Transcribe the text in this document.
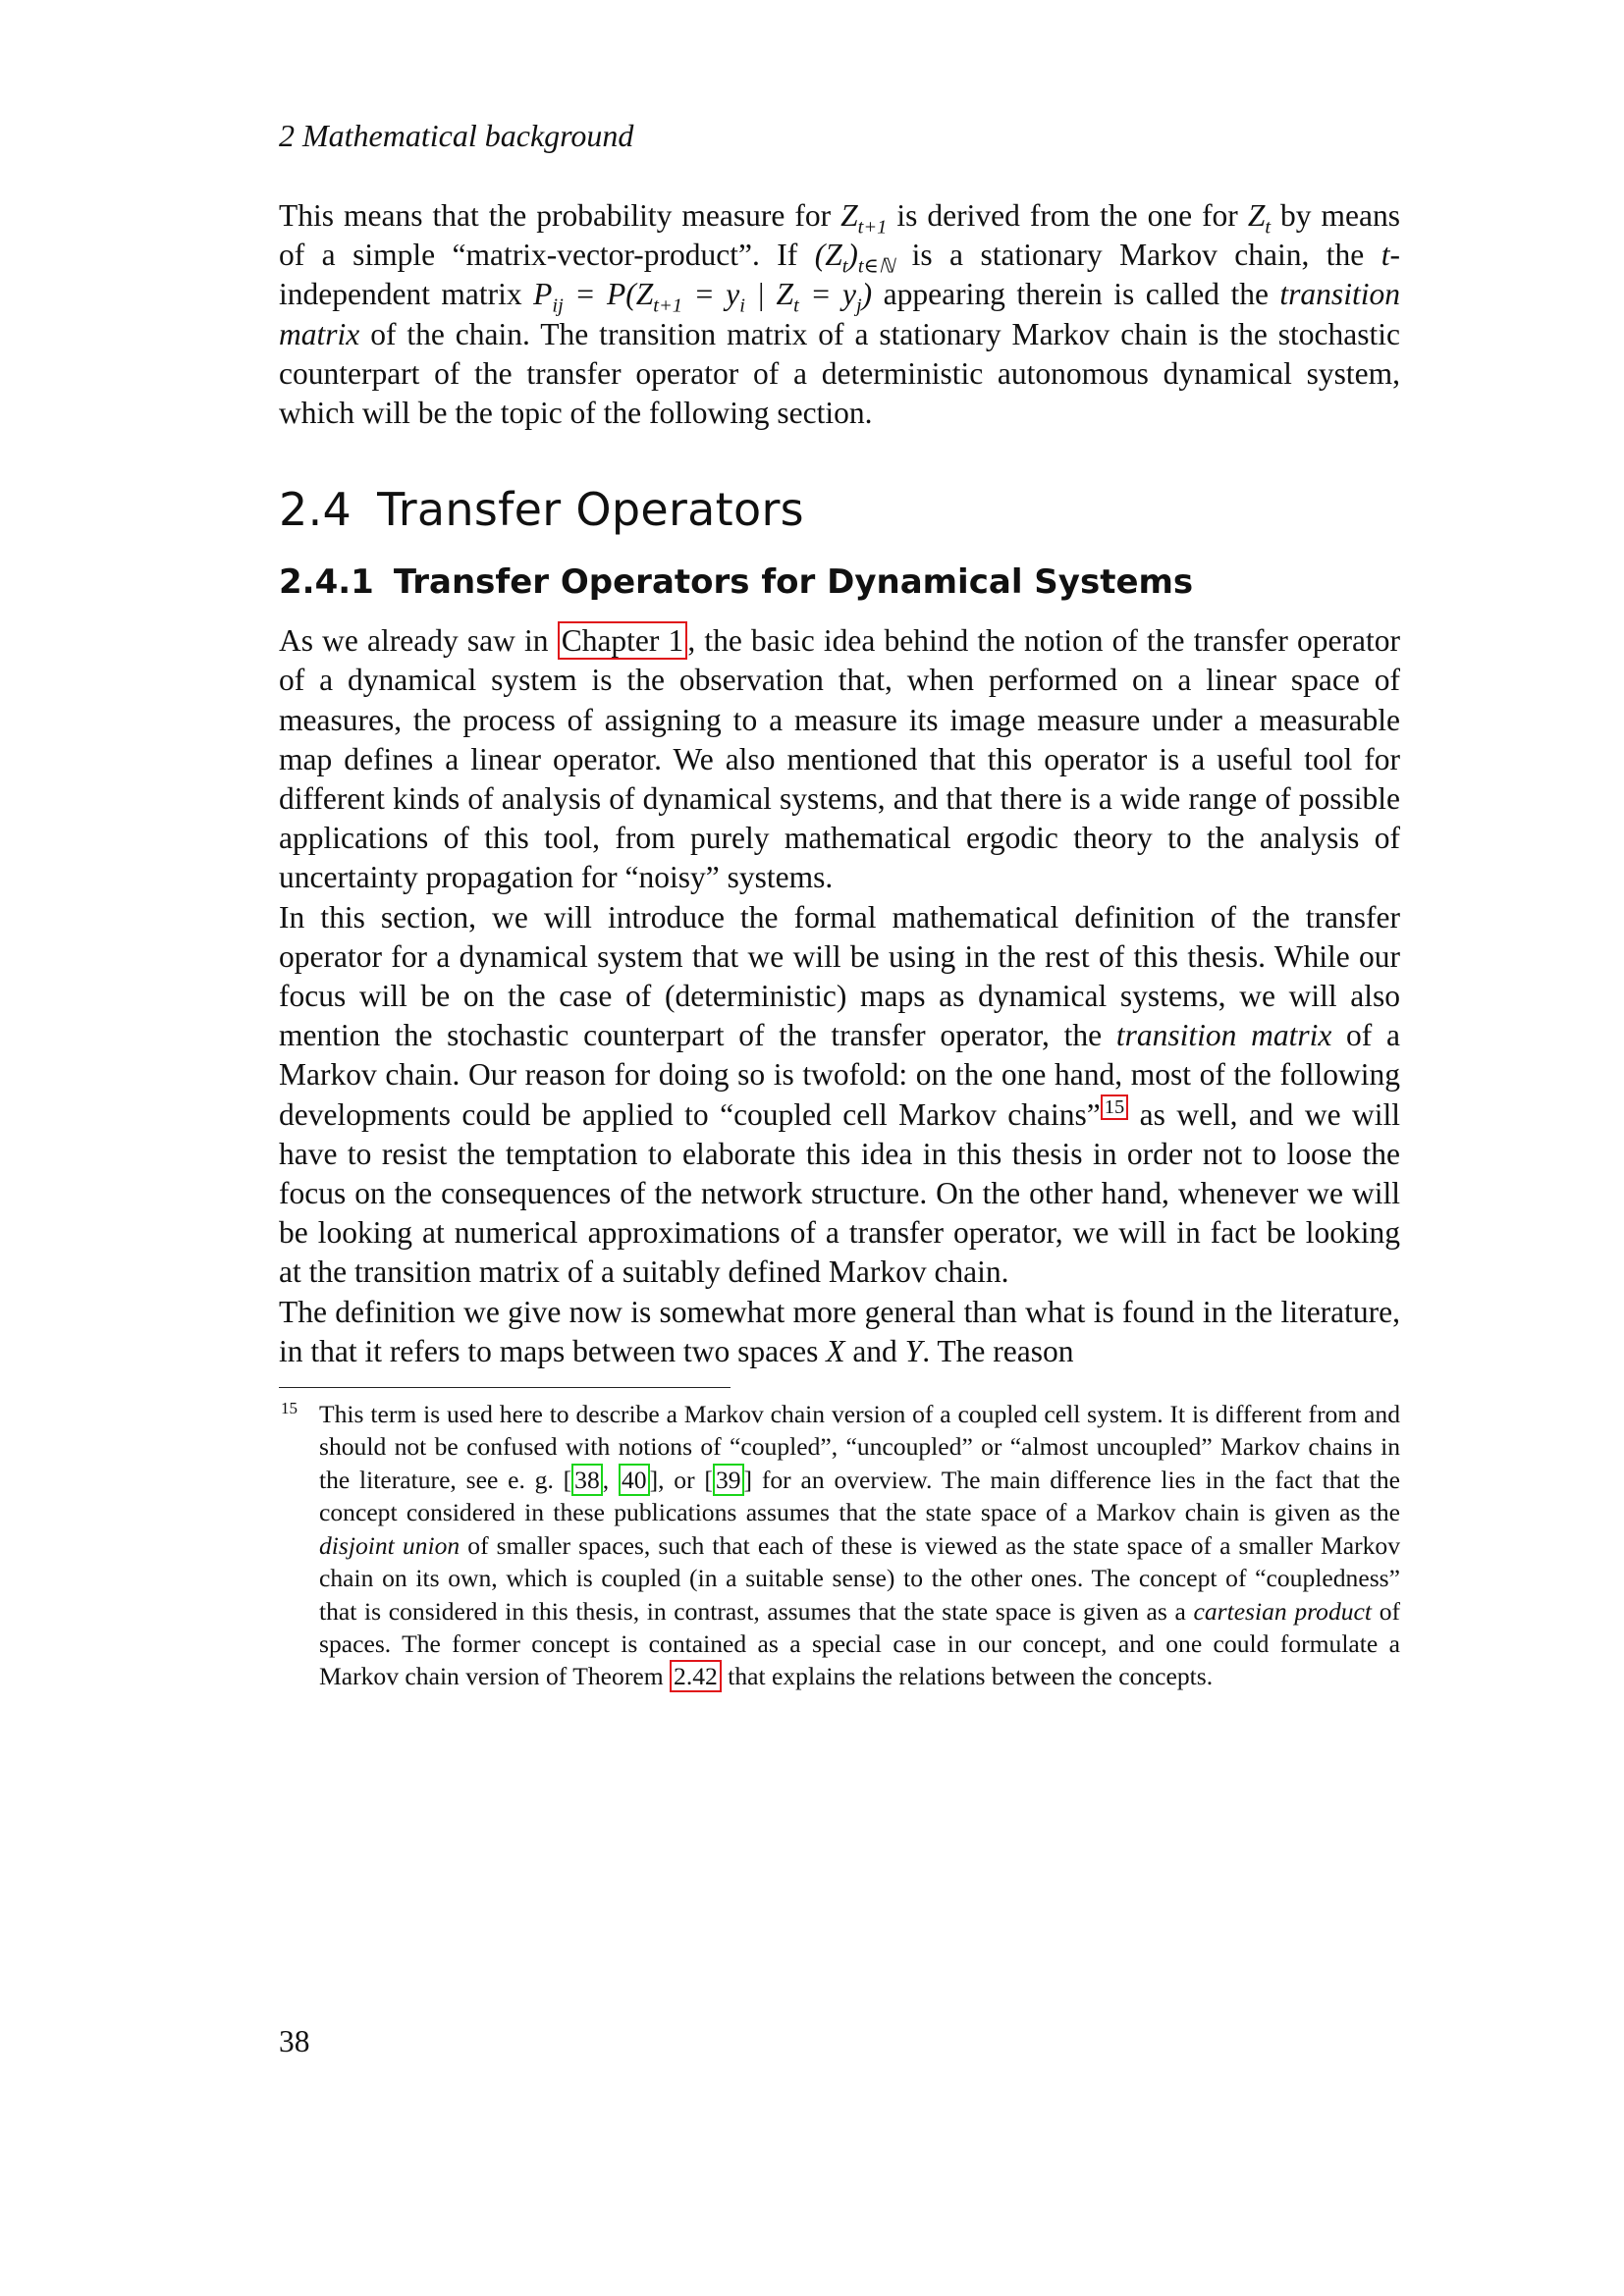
2 Mathematical background

This means that the probability measure for $Z_{t+1}$ is derived from the one for $Z_t$ by means of a simple “matrix-vector-product”. If $(Z_t)_{t\in ℕ}$ is a stationary Markov chain, the t-independent matrix $P_{ij} = P(Z_{t+1} = y_i$ | $Z_t = y_j$) appearing therein is called the transition matrix of the chain. The transition matrix of a stationary Markov chain is the stochastic counterpart of the transfer operator of a deterministic autonomous dynamical system, which will be the topic of the following section.

2.4 Transfer Operators
2.4.1 Transfer Operators for Dynamical Systems

As we already saw in Chapter 1 , the basic idea behind the notion of the transfer operator of a dynamical system is the observation that, when performed on a linear space of measures, the process of assigning to a measure its image measure under a measurable map defines a linear operator. We also mentioned that this operator is a useful tool for different kinds of analysis of dynamical systems, and that there is a wide range of possible applications of this tool, from purely mathematical ergodic theory to the analysis of uncertainty propagation for “noisy” systems.

In this section, we will introduce the formal mathematical definition of the transfer operator for a dynamical system that we will be using in the rest of this thesis. While our focus will be on the case of (deterministic) maps as dynamical systems, we will also mention the stochastic counterpart of the transfer operator, the transition matrix of a Markov chain. Our reason for doing so is twofold: on the one hand, most of the following developments could be applied to “coupled cell Markov chains” $^{15}$ as well, and we will have to resist the temptation to elaborate this idea in this thesis in order not to loose the focus on the consequences of the network structure. On the other hand, whenever we will be looking at numerical approximations of a transfer operator, we will in fact be looking at the transition matrix of a suitably defined Markov chain.

The definition we give now is somewhat more general than what is found in the literature, in that it refers to maps between two spaces X and Y. The reason

15 This term is used here to describe a Markov chain version of a coupled cell system. It is different from and should not be confused with notions of “coupled”, “uncoupled” or “almost uncoupled” Markov chains in the literature, see e. g. [ 38 , 40 ], or [ 39 ] for an overview. The main difference lies in the fact that the concept considered in these publications assumes that the state space of a Markov chain is given as the disjoint union of smaller spaces, such that each of these is viewed as the state space of a smaller Markov chain on its own, which is coupled (in a suitable sense) to the other ones. The concept of “coupledness” that is considered in this thesis, in contrast, assumes that the state space is given as a cartesian product of spaces. The former concept is contained as a special case in our concept, and one could formulate a Markov chain version of Theorem 2.42 that explains the relations between the concepts.
38
